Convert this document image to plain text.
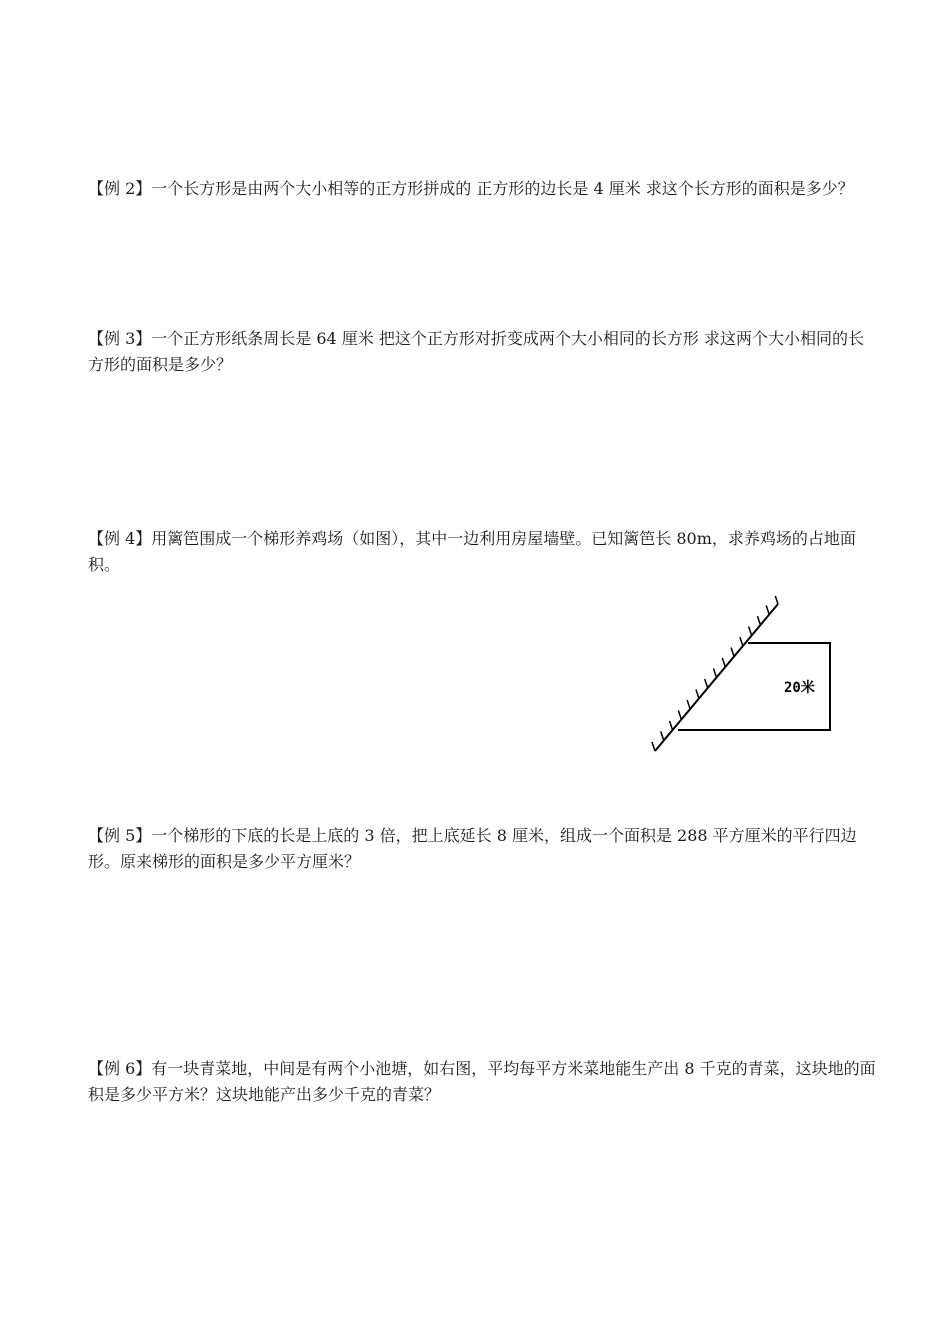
【例 2】一个长方形是由两个大小相等的正方形拼成的 正方形的边长是 4 厘米 求这个长方形的面积是多少？

【例 3】一个正方形纸条周长是 64 厘米 把这个正方形对折变成两个大小相同的长方形 求这两个大小相同的长方形的面积是多少？

【例 4】用篱笆围成一个梯形养鸡场（如图），其中一边利用房屋墙壁。已知篱笆长 80m，求养鸡场的占地面积。

20米

【例 5】一个梯形的下底的长是上底的 3 倍，把上底延长 8 厘米，组成一个面积是 288 平方厘米的平行四边形。原来梯形的面积是多少平方厘米？

【例 6】有一块青菜地，中间是有两个小池塘，如右图，平均每平方米菜地能生产出 8 千克的青菜，这块地的面积是多少平方米？这块地能产出多少千克的青菜？
